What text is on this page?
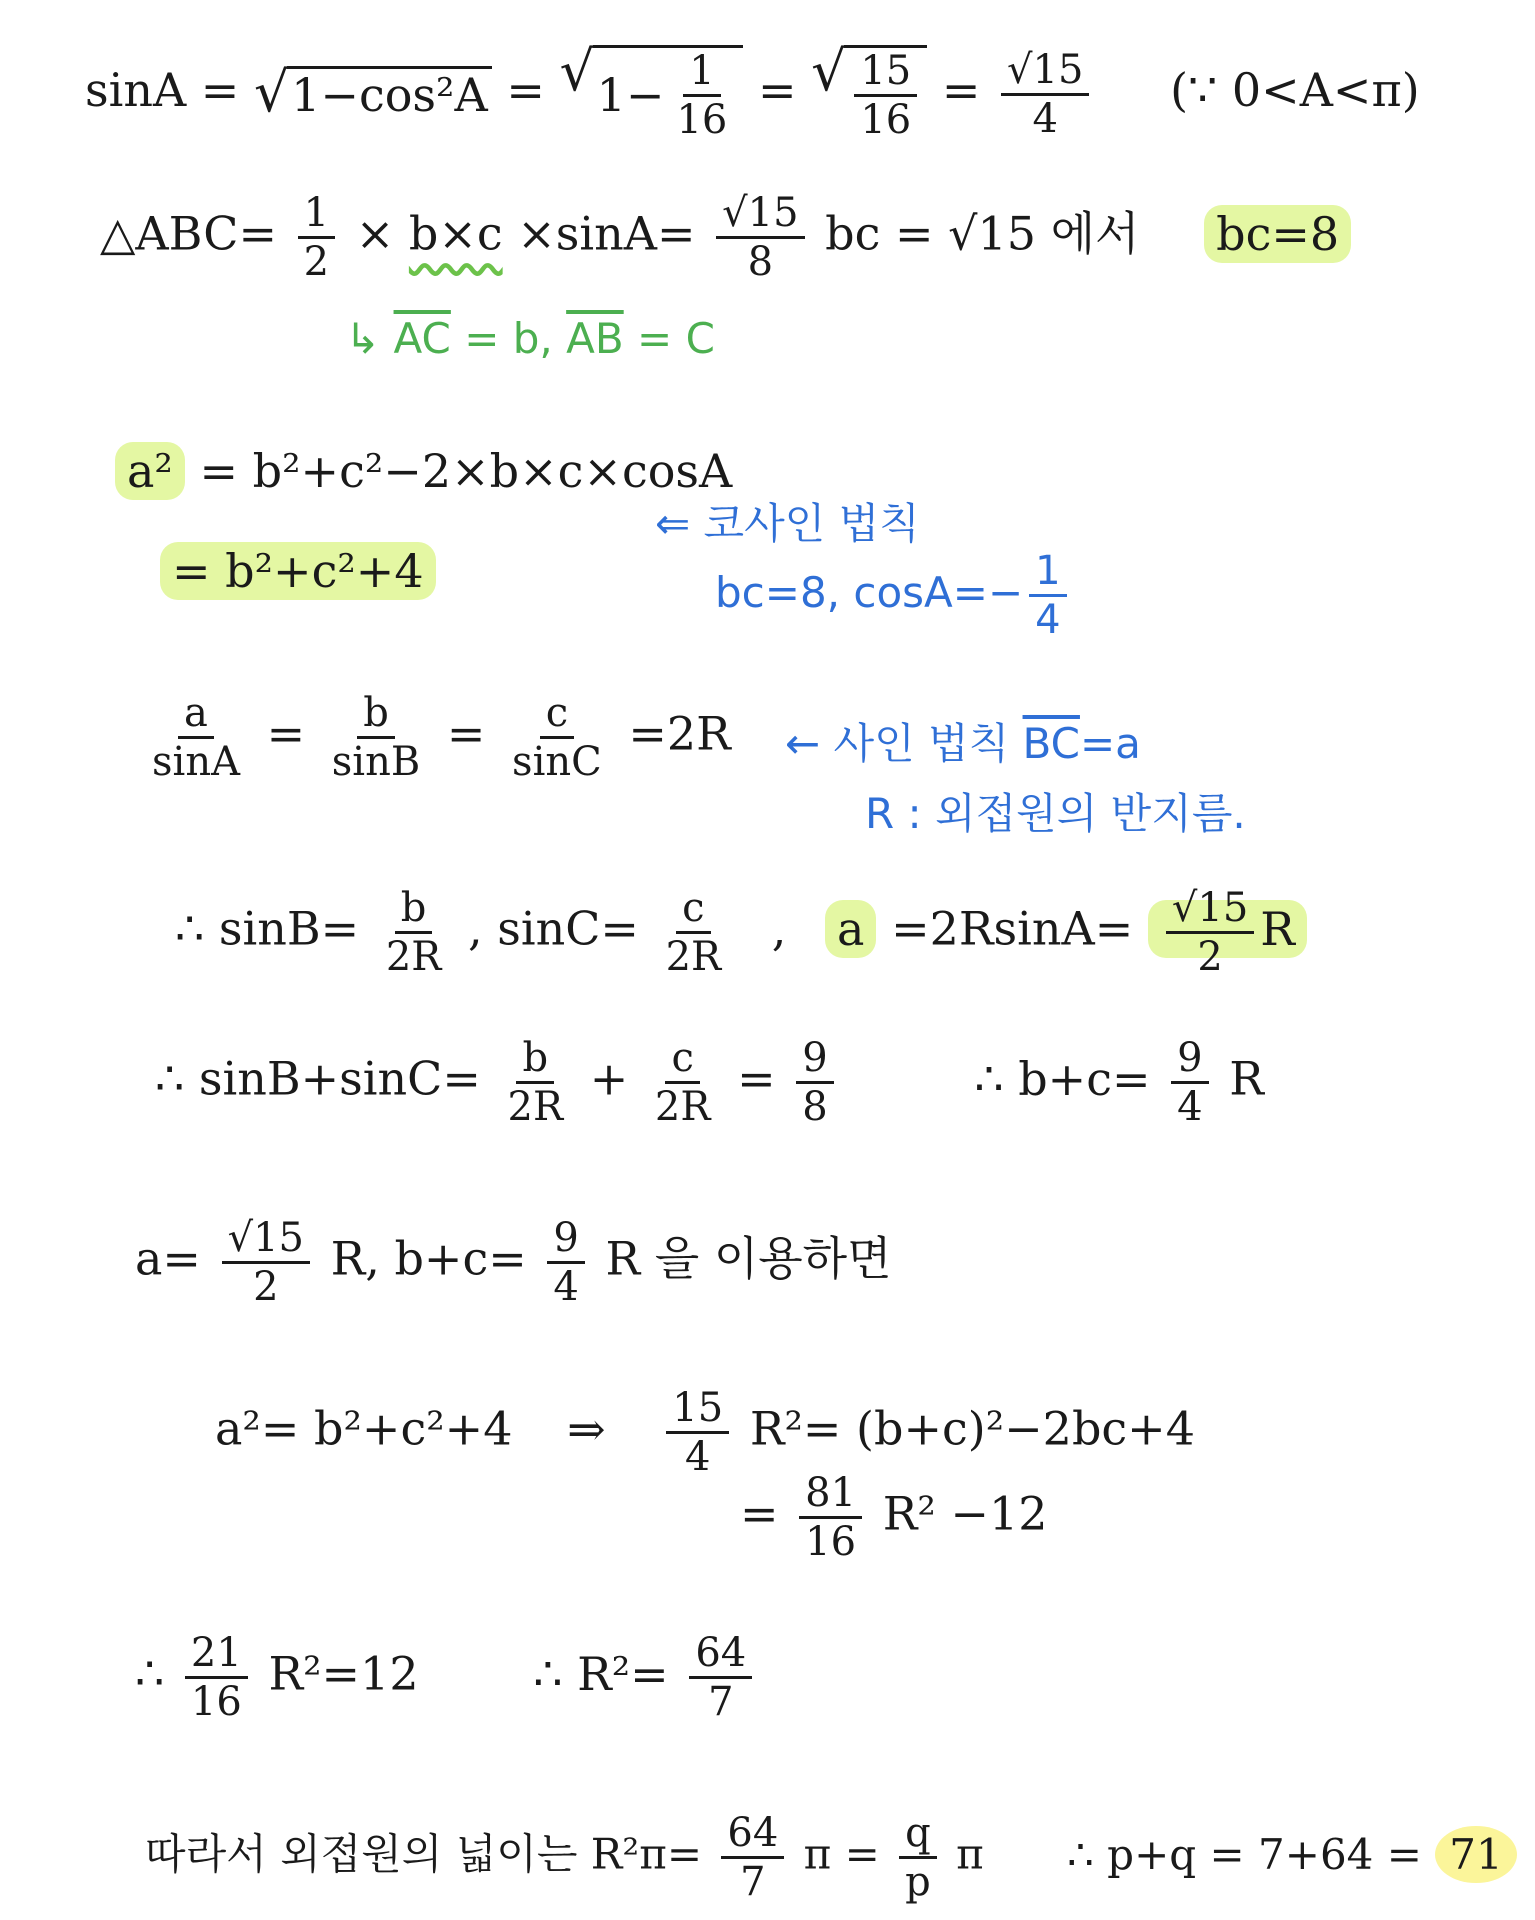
sinA = √ 1−cos²A = √ $1- \frac{1}{16}$ = √ $\frac{15}{16} = \frac{√15}{4}$ (∵ 0<A<π)
△ABC= $\frac{1}{2} \times b\times c \times\sin A= \frac{√15}{8}$ bc = √15 에서 bc=8
↳ $\overline{AC} = b$, $\overline{AB} = C$
a² = b²+c²−2×b×c×cosA
= b²+c²+4
⇐ 코사인 법칙
bc=8, $\cos A=- \frac{1}{4}$
$\frac{a}{\sin A} = \frac{b}{\sin B} = \frac{c}{\sin C} =2R$ ← 사인 법칙 $\overline{BC}=a$
R : 외접원의 반지름.
∴ $\sin B= \frac{b}{2R}$ , $\sin C= \frac{c}{2R}$ , $a =2RsinA= \frac{√15}{2}$ R
∴ $\sin B+\sin C= \frac{b}{2R} + \frac{c}{2R} = \frac{9}{8}$	∴ $b+c= \frac{9}{4}$ R
$a= \frac{√15}{2} R$, $b+c= \frac{9}{4}$ R 을 이용하면
a²= b²+c²+4 ⇒ $\frac{15}{4} R^2= (b+c)^2-2bc+4$
= $\frac{81}{16} R^2 -12$
∴ $\frac{21}{16} R^2=12$ ∴ $R^2= \frac{64}{7}$
따라서 외접원의 넓이는 $R^2\pi= \frac{64}{7}$ $\pi = \frac{q}{p}$ π ∴ p+q = 7+64 = 71
